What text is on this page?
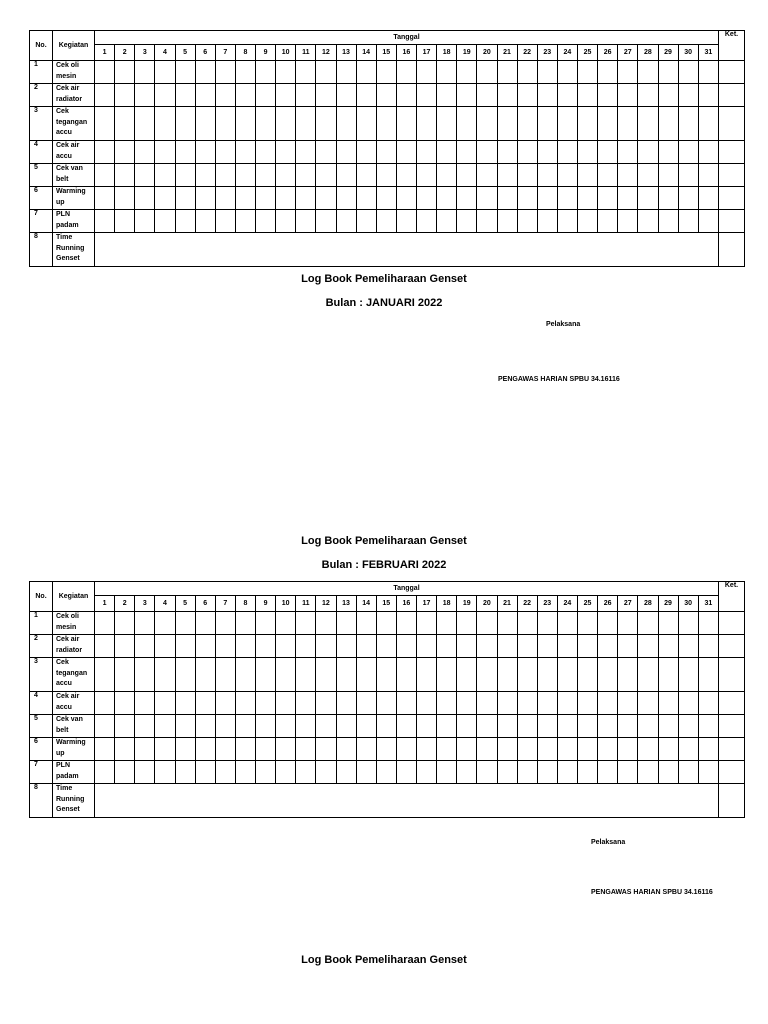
No.	Kegiatan	Tanggal																															Ket.
		1	2	3	4	5	6	7	8	9	10	11	12	13	14	15	16	17	18	19	20	21	22	23	24	25	26	27	28	29	30	31	
1	Cek oli mesin																																
2	Cek air radiator																																
3	Cek tegangan accu																																
4	Cek air accu																																
5	Cek van belt																																
6	Warming up																																
7	PLN padam																																
8	Time Running Genset																																
Log Book Pemeliharaan Genset
Bulan : JANUARI 2022
Pelaksana
PENGAWAS HARIAN SPBU 34.16116
Log Book Pemeliharaan Genset
Bulan : FEBRUARI 2022
No.	Kegiatan	Tanggal																															Ket.
		1	2	3	4	5	6	7	8	9	10	11	12	13	14	15	16	17	18	19	20	21	22	23	24	25	26	27	28	29	30	31	
1	Cek oli mesin																																
2	Cek air radiator																																
3	Cek tegangan accu																																
4	Cek air accu																																
5	Cek van belt																																
6	Warming up																																
7	PLN padam																																
8	Time Running Genset																																
Pelaksana
PENGAWAS HARIAN SPBU 34.16116
Log Book Pemeliharaan Genset
